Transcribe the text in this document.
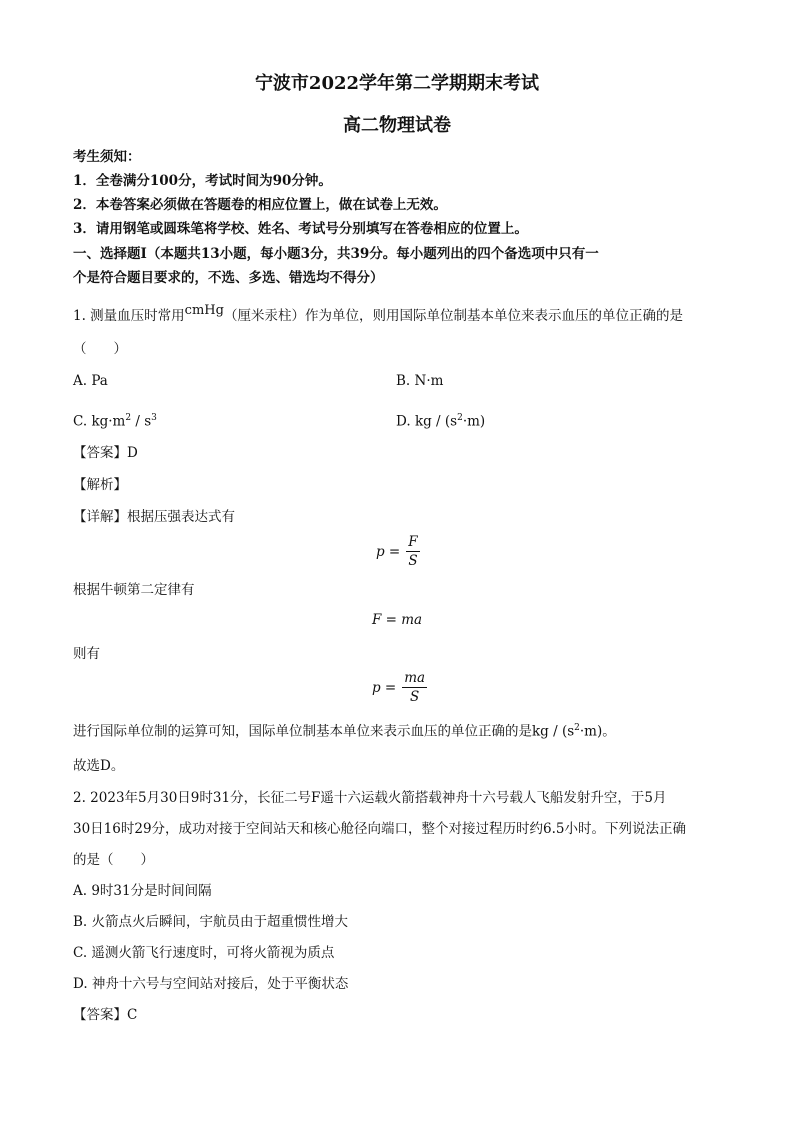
宁波市2022学年第二学期期末考试
高二物理试卷
考生须知：
1．全卷满分100分，考试时间为90分钟。
2．本卷答案必须做在答题卷的相应位置上，做在试卷上无效。
3．请用钢笔或圆珠笔将学校、姓名、考试号分别填写在答卷相应的位置上。
一、选择题Ⅰ（本题共13小题，每小题3分，共39分。每小题列出的四个备选项中只有一
个是符合题目要求的，不选、多选、错选均不得分）
1. 测量血压时常用cmHg（厘米汞柱）作为单位，则用国际单位制基本单位来表示血压的单位正确的是
（　　）
A. Pa	B. N·m
C. $kg\cdot m^2 / s^3$	D. kg / $(s^2\cdot m)$
【答案】D
【解析】
【详解】根据压强表达式有
$p = \frac{F}{S}$
根据牛顿第二定律有
F = ma
则有
$p = \frac{ma}{S}$
进行国际单位制的运算可知，国际单位制基本单位来表示血压的单位正确的是kg / $(s^2\cdot m)$。
故选D。
2. 2023年5月30日9时31分，长征二号F遥十六运载火箭搭载神舟十六号载人飞船发射升空，于5月
30日16时29分，成功对接于空间站天和核心舱径向端口，整个对接过程历时约6.5小时。下列说法正确
的是（　　）
A. 9时31分是时间间隔
B. 火箭点火后瞬间，宇航员由于超重惯性增大
C. 遥测火箭飞行速度时，可将火箭视为质点
D. 神舟十六号与空间站对接后，处于平衡状态
【答案】C
